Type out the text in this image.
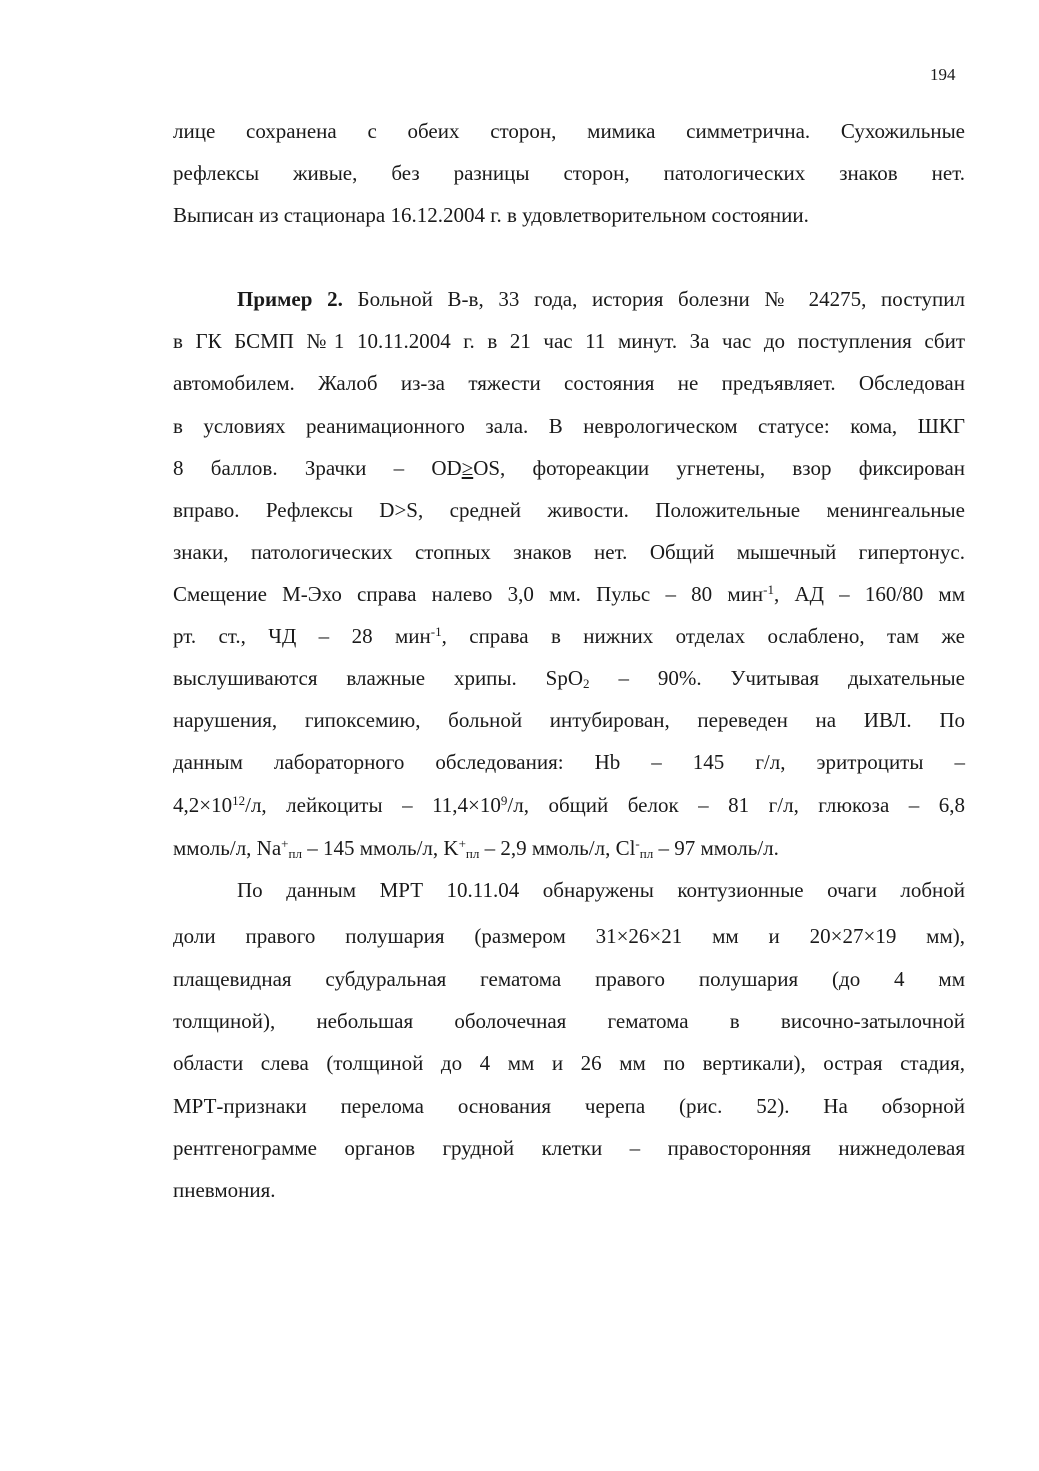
194
лице сохранена с обеих сторон, мимика симметрична. Сухожильные
рефлексы живые, без разницы сторон, патологических знаков нет.
Выписан из стационара 16.12.2004 г. в удовлетворительном состоянии.
Пример 2. Больной В-в, 33 года, история болезни № 24275, поступил
в ГК БСМП №1 10.11.2004 г. в 21 час 11 минут. За час до поступления сбит
автомобилем. Жалоб из-за тяжести состояния не предъявляет. Обследован
в условиях реанимационного зала. В неврологическом статусе: кома, ШКГ
8 баллов. Зрачки – OD≥OS, фотореакции угнетены, взор фиксирован
вправо. Рефлексы D>S, средней живости. Положительные менингеальные
знаки, патологических стопных знаков нет. Общий мышечный гипертонус.
Смещение М-Эхо справа налево 3,0 мм. Пульс – 80 мин$^{-1}$, АД – 160/80 мм
рт. ст., ЧД – 28 мин$^{-1}$, справа в нижних отделах ослаблено, там же
выслушиваются влажные хрипы. SpO$_2$ – 90%. Учитывая дыхательные
нарушения, гипоксемию, больной интубирован, переведен на ИВЛ. По
данным лабораторного обследования: Hb – 145 г/л, эритроциты –
$4,2\times 10^{12}/л$, лейкоциты – $11,4\times 10^9/л$, общий белок – 81 г/л, глюкоза – 6,8
ммоль/л, $Na^+_{пл} - 145$ ммоль/л, $K^+_{пл} - 2,9$ ммоль/л, $Cl^-_{пл} - 97$ ммоль/л.
По данным МРТ 10.11.04 обнаружены контузионные очаги лобной
доли правого полушария (размером 31×26×21 мм и 20×27×19 мм),
плащевидная субдуральная гематома правого полушария (до 4 мм
толщиной), небольшая оболочечная гематома в височно-затылочной
области слева (толщиной до 4 мм и 26 мм по вертикали), острая стадия,
МРТ-признаки перелома основания черепа (рис. 52). На обзорной
рентгенограмме органов грудной клетки – правосторонняя нижнедолевая
пневмония.
